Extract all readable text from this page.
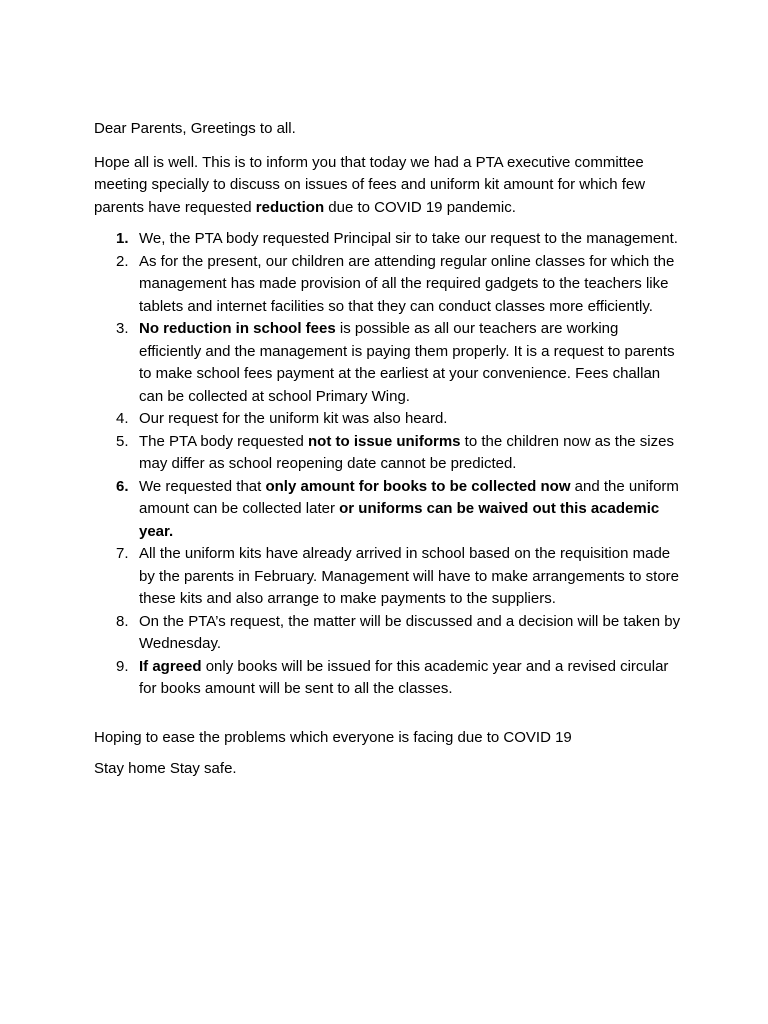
Dear Parents, Greetings to all.

Hope all is well. This is to inform you that today we had a PTA executive committee meeting specially to discuss on issues of fees and uniform kit amount for which few parents have requested reduction due to COVID 19 pandemic.

1. We, the PTA body requested Principal sir to take our request to the management.
2. As for the present, our children are attending regular online classes for which the management has made provision of all the required gadgets to the teachers like tablets and internet facilities so that they can conduct classes more efficiently.
3. No reduction in school fees is possible as all our teachers are working efficiently and the management is paying them properly. It is a request to parents to make school fees payment at the earliest at your convenience. Fees challan can be collected at school Primary Wing.
4. Our request for the uniform kit was also heard.
5. The PTA body requested not to issue uniforms to the children now as the sizes may differ as school reopening date cannot be predicted.
6. We requested that only amount for books to be collected now and the uniform amount can be collected later or uniforms can be waived out this academic year.
7. All the uniform kits have already arrived in school based on the requisition made by the parents in February. Management will have to make arrangements to store these kits and also arrange to make payments to the suppliers.
8. On the PTA’s request, the matter will be discussed and a decision will be taken by Wednesday.
9. If agreed only books will be issued for this academic year and a revised circular for books amount will be sent to all the classes.

Hoping to ease the problems which everyone is facing due to COVID 19

Stay home Stay safe.
